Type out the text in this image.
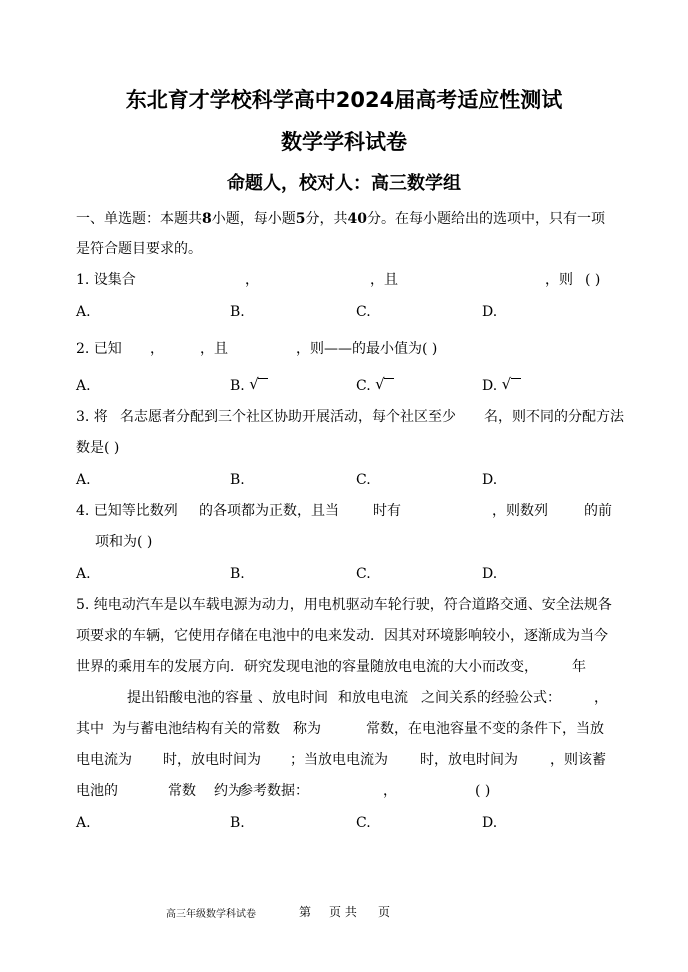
东北育才学校科学高中2024届高考适应性测试
数学学科试卷
命题人，校对人：高三数学组
一、单选题：本题共8小题，每小题5分，共40分。在每小题给出的选项中，只有一项
是符合题目要求的。
1. 设集合	，	，且	，则 ( )
A.	B.	C.	D.
2. 已知 ，	，且	，则——的最小值为( )
A.	B. √	C. √	D. √
3. 将 名志愿者分配到三个社区协助开展活动，每个社区至少 名，则不同的分配方法
数是( )
A.	B.	C.	D.
4. 已知等比数列 的各项都为正数，且当 时有	，则数列	的前
项和为( )
A.	B.	C.	D.
5. 纯电动汽车是以车载电源为动力，用电机驱动车轮行驶，符合道路交通、安全法规各
项要求的车辆，它使用存储在电池中的电来发动．因其对环境影响较小，逐渐成为当今
世界的乘用车的发展方向．研究发现电池的容量随放电电流的大小而改变， 年
提出铅酸电池的容量 、放电时间 和放电电流 之间关系的经验公式： ，
其中 为与蓄电池结构有关的常数 称为	常数，在电池容量不变的条件下，当放
电电流为 时，放电时间为 ；当放电电流为 时，放电时间为 ，则该蓄
电池的	常数 约为
参考数据：	，	( )
A.	B.	C.	D.
高三年级数学科试卷	第 页 共 页
